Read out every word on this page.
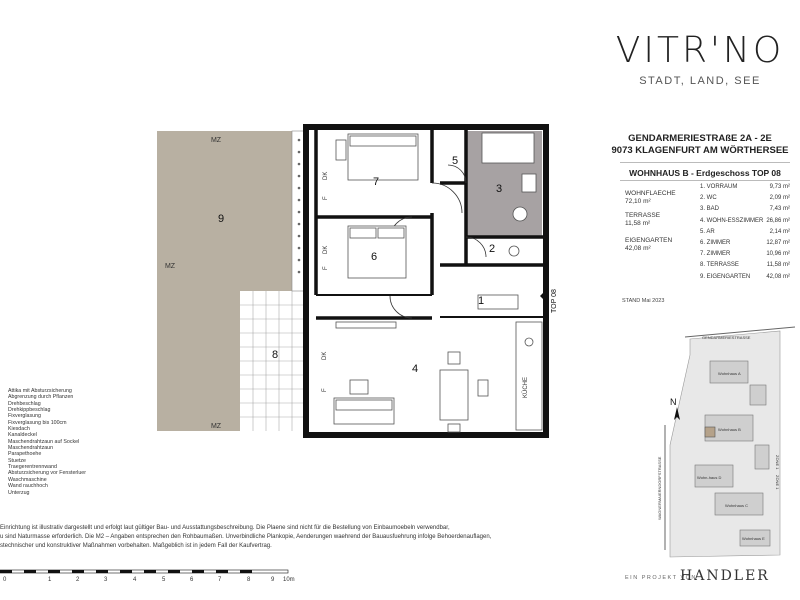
1
2
3
4
5
6
7
8
9
MZ
MZ
MZ
DK
DK
DK
F
F
F	KÜCHE
TOP 08
Attika mit Absturzsicherung
Abgrenzung durch Pflanzen
Drehbeschlag
Drehkippbeschlag
Fixverglasung
Fixverglasung bis 100cm
Kiesdach
Kanaldeckel
Maschendrahtzaun auf Sockel
Maschendrahtzaun
Parapethoehe
Stuetze
Traegerentrennwand
Absturzsicherung vor Fensterluer
Waschmaschine
Wand rauchhoch
Unterzug
Einrichtung ist illustrativ dargestellt und erfolgt laut gültiger Bau- und Ausstattungsbeschreibung. Die Plaene sind nicht für die Bestellung von Einbaumoebeln verwendbar,
u sind Naturmasse erforderlich. Die M2 – Angaben entsprechen den Rohbaumaßen. Unverbindliche Plankopie, Aenderungen waehrend der Bauausfuehrung infolge Behoerdenauflagen,
stechnischer und konstruktiver Maßnahmen vorbehalten. Maßgeblich ist in jedem Fall der Kaufvertrag.
0	1	2	3	4	5	6	7	8	9 10m
VITR'NO
STADT, LAND, SEE
GENDARMERIESTRAßE 2A - 2E
9073 KLAGENFURT AM WÖRTHERSEE
WOHNHAUS B - Erdgeschoss TOP 08
WOHNFLAECHE
72,10 m²
TERRASSE
11,58 m²
EIGENGARTEN
42,08 m²
1. VORRAUM	9,73 m²
2. WC	2,09 m²
3. BAD	7,43 m²
4. WOHN-ESSZIMMER 26,86 m²
5. AR	2,14 m²
6. ZIMMER	12,87 m²
7. ZIMMER	10,96 m²
8. TERRASSE	11,58 m²
9. EIGENGARTEN	42,08 m²
STAND Mai 2023
GENDARMERIESTRASSE
WAGNERMAIERNDORFSTRASSE
Wohnhaus A
Wohnhaus B
Wohnhaus C
Wohn-haus D
Wohnhaus E
ZONE 1
ZONE 1
N
EIN PROJEKT VON
HANDLER
